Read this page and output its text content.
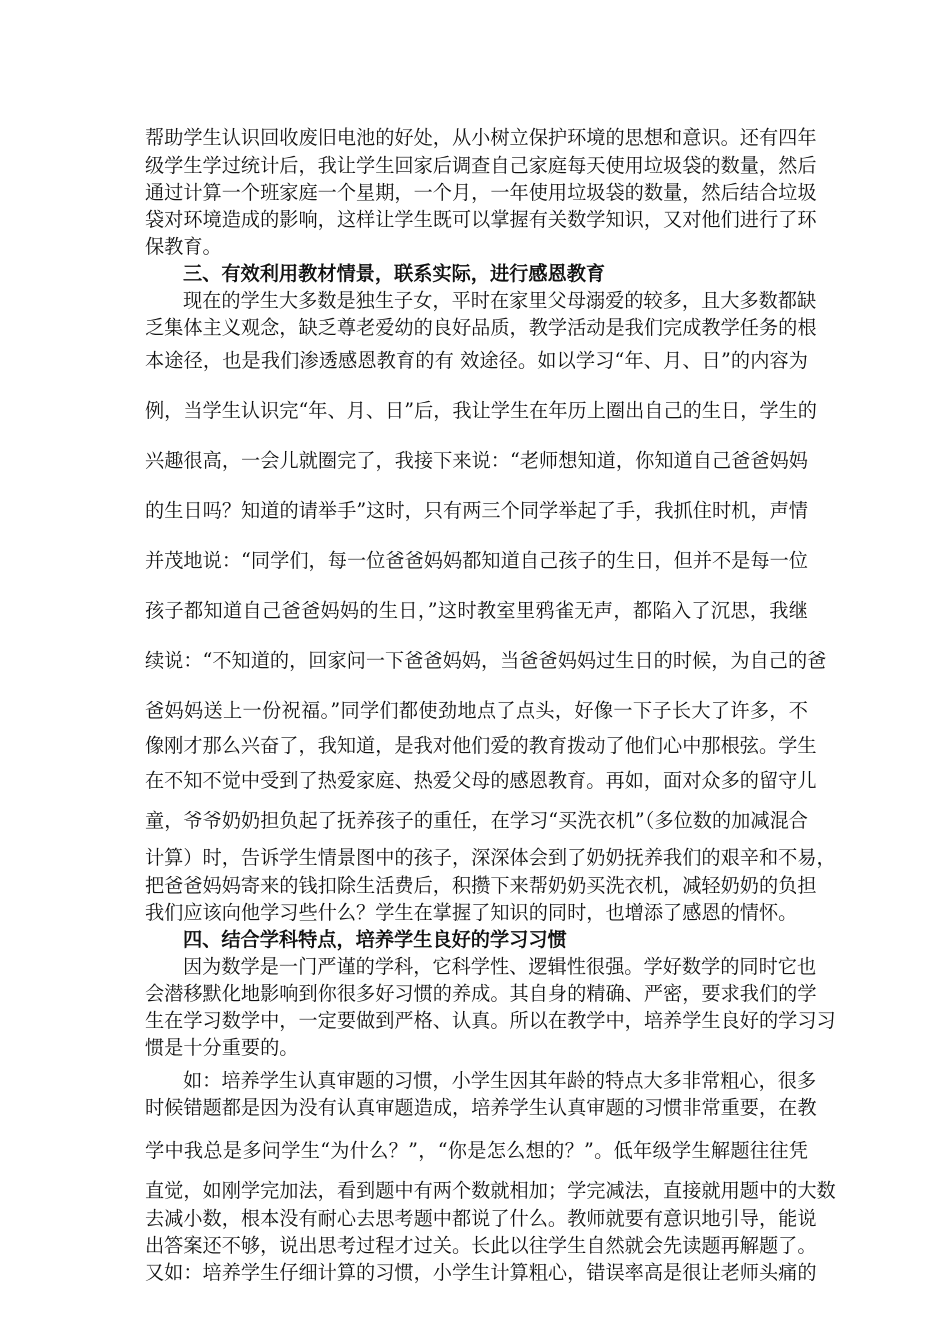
帮助学生认识回收废旧电池的好处，从小树立保护环境的思想和意识。还有四年
级学生学过统计后，我让学生回家后调查自己家庭每天使用垃圾袋的数量，然后
通过计算一个班家庭一个星期，一个月，一年使用垃圾袋的数量，然后结合垃圾
袋对环境造成的影响，这样让学生既可以掌握有关数学知识，又对他们进行了环
保教育。
三、有效利用教材情景，联系实际，进行感恩教育
现在的学生大多数是独生子女，平时在家里父母溺爱的较多，且大多数都缺
乏集体主义观念，缺乏尊老爱幼的良好品质，教学活动是我们完成教学任务的根
本途径，也是我们渗透感恩教育的有 效途径。如以学习“年、月、日”的内容为
例，当学生认识完“年、月、日”后，我让学生在年历上圈出自己的生日，学生的
兴趣很高，一会儿就圈完了，我接下来说：“老师想知道，你知道自己爸爸妈妈
的生日吗？知道的请举手”这时，只有两三个同学举起了手，我抓住时机，声情
并茂地说：“同学们，每一位爸爸妈妈都知道自己孩子的生日，但并不是每一位
孩子都知道自己爸爸妈妈的生日，”这时教室里鸦雀无声，都陷入了沉思，我继
续说：“不知道的，回家问一下爸爸妈妈，当爸爸妈妈过生日的时候，为自己的爸
爸妈妈送上一份祝福。”同学们都使劲地点了点头，好像一下子长大了许多，不
像刚才那么兴奋了，我知道，是我对他们爱的教育拨动了他们心中那根弦。学生
在不知不觉中受到了热爱家庭、热爱父母的感恩教育。再如，面对众多的留守儿
童，爷爷奶奶担负起了抚养孩子的重任，在学习“买洗衣机”（多位数的加减混合
计算）时，告诉学生情景图中的孩子，深深体会到了奶奶抚养我们的艰辛和不易，
把爸爸妈妈寄来的钱扣除生活费后，积攒下来帮奶奶买洗衣机，减轻奶奶的负担
我们应该向他学习些什么？学生在掌握了知识的同时，也增添了感恩的情怀。
四、结合学科特点，培养学生良好的学习习惯
因为数学是一门严谨的学科，它科学性、逻辑性很强。学好数学的同时它也
会潜移默化地影响到你很多好习惯的养成。其自身的精确、严密，要求我们的学
生在学习数学中，一定要做到严格、认真。所以在教学中，培养学生良好的学习习
惯是十分重要的。
如：培养学生认真审题的习惯，小学生因其年龄的特点大多非常粗心，很多
时候错题都是因为没有认真审题造成，培养学生认真审题的习惯非常重要，在教
学中我总是多问学生“为什么？”，“你是怎么想的？”。低年级学生解题往往凭
直觉，如刚学完加法，看到题中有两个数就相加；学完减法，直接就用题中的大数
去减小数，根本没有耐心去思考题中都说了什么。教师就要有意识地引导，能说
出答案还不够，说出思考过程才过关。长此以往学生自然就会先读题再解题了。
又如：培养学生仔细计算的习惯，小学生计算粗心，错误率高是很让老师头痛的
